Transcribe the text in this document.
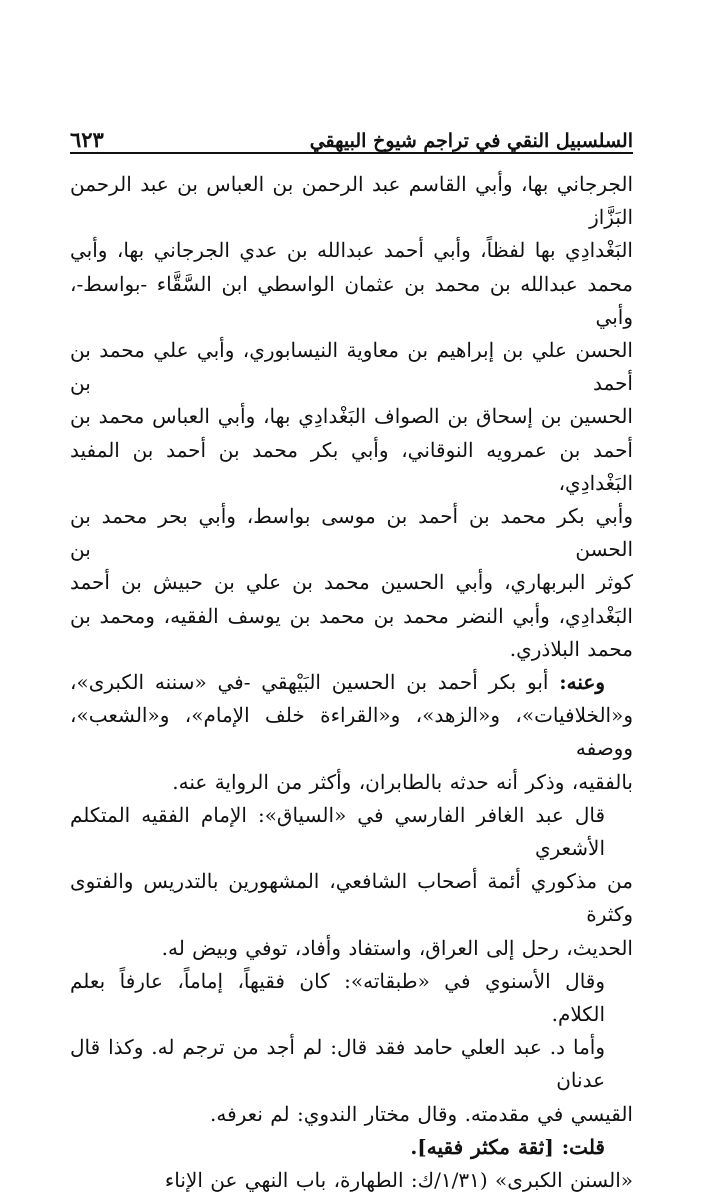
السلسبيل النقي في تراجم شيوخ البيهقي
٦٢٣
الجرجاني بها، وأبي القاسم عبد الرحمن بن العباس بن عبد الرحمن البَزَّاز
البَغْدادِي بها لفظاً، وأبي أحمد عبدالله بن عدي الجرجاني بها، وأبي
محمد عبدالله بن محمد بن عثمان الواسطي ابن السَّقَّاء -بواسط-، وأبي
الحسن علي بن إبراهيم بن معاوية النيسابوري، وأبي علي محمد بن أحمد بن
الحسين بن إسحاق بن الصواف البَغْدادِي بها، وأبي العباس محمد بن
أحمد بن عمرويه النوقاني، وأبي بكر محمد بن أحمد بن المفيد البَغْدادِي،
وأبي بكر محمد بن أحمد بن موسى بواسط، وأبي بحر محمد بن الحسن بن
كوثر البربهاري، وأبي الحسين محمد بن علي بن حبيش بن أحمد
البَغْدادِي، وأبي النضر محمد بن محمد بن يوسف الفقيه، ومحمد بن
محمد البلاذري.
وعنه: أبو بكر أحمد بن الحسين البَيْهقي -في «سننه الكبرى»،
و«الخلافيات»، و«الزهد»، و«القراءة خلف الإمام»، و«الشعب»، ووصفه
بالفقيه، وذكر أنه حدثه بالطابران، وأكثر من الرواية عنه.
قال عبد الغافر الفارسي في «السياق»: الإمام الفقيه المتكلم الأشعري
من مذكوري أئمة أصحاب الشافعي، المشهورين بالتدريس والفتوى وكثرة
الحديث، رحل إلى العراق، واستفاد وأفاد، توفي وبيض له.
وقال الأسنوي في «طبقاته»: كان فقيهاً، إماماً، عارفاً بعلم الكلام.
وأما د. عبد العلي حامد فقد قال: لم أجد من ترجم له. وكذا قال عدنان
القيسي في مقدمته. وقال مختار الندوي: لم نعرفه.
قلت: [ثقة مكثر فقيه].
«السنن الكبرى» (١/٣١/ك: الطهارة، باب النهي عن الإناء
